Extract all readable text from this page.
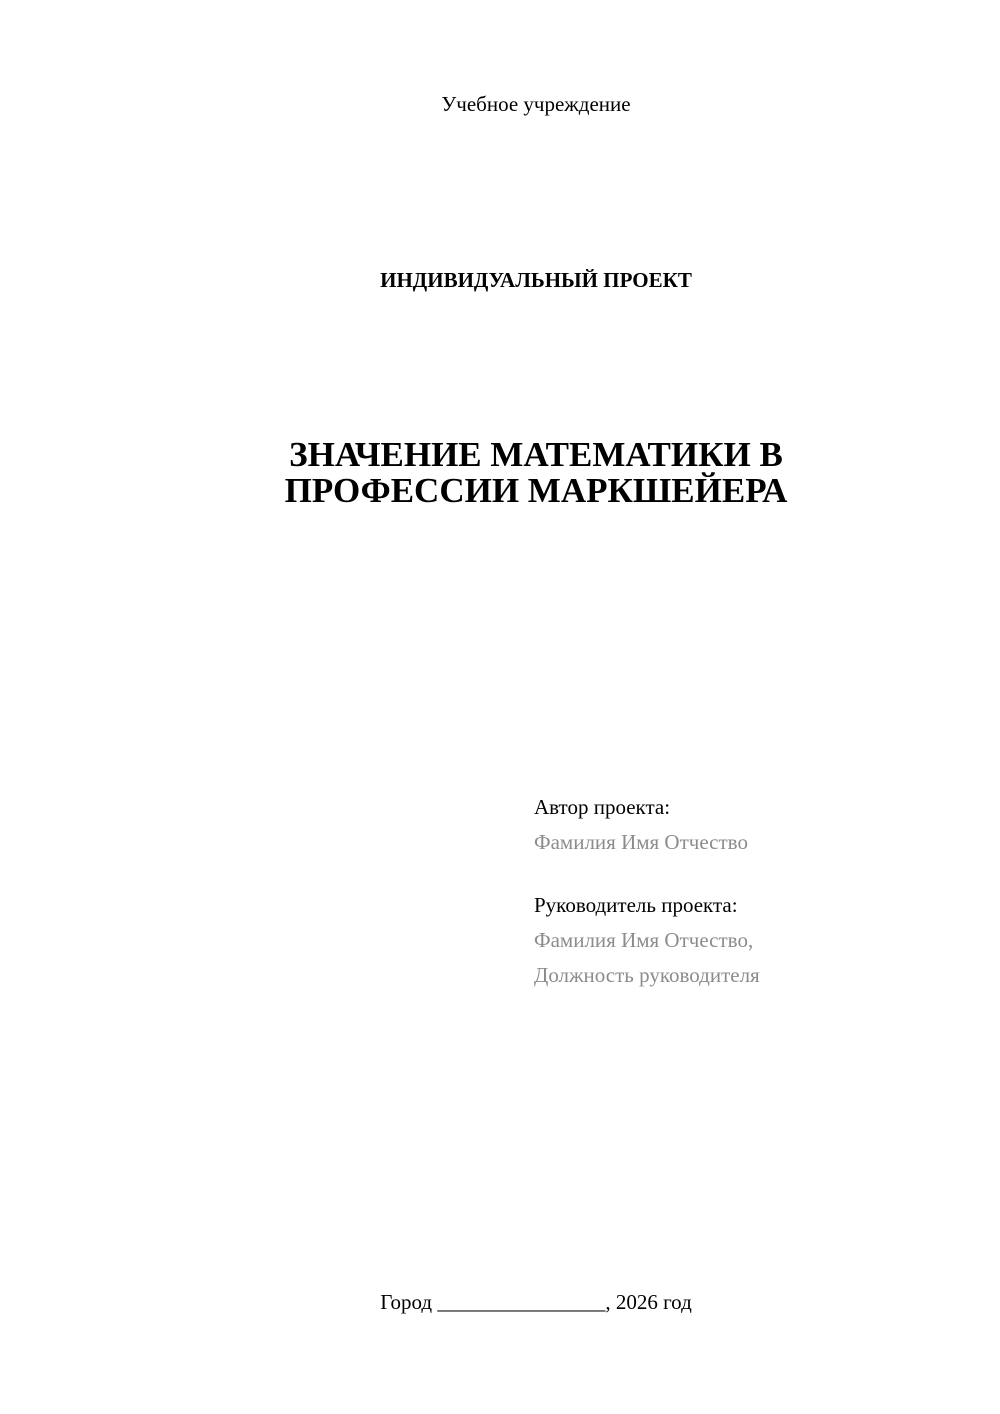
Учебное учреждение

ИНДИВИДУАЛЬНЫЙ ПРОЕКТ

ЗНАЧЕНИЕ МАТЕМАТИКИ В
ПРОФЕССИИ МАРКШЕЙЕРА
Автор проекта:
Фамилия Имя Отчество
Руководитель проекта:
Фамилия Имя Отчество,
Должность руководителя

Город ________________, 2026 год
